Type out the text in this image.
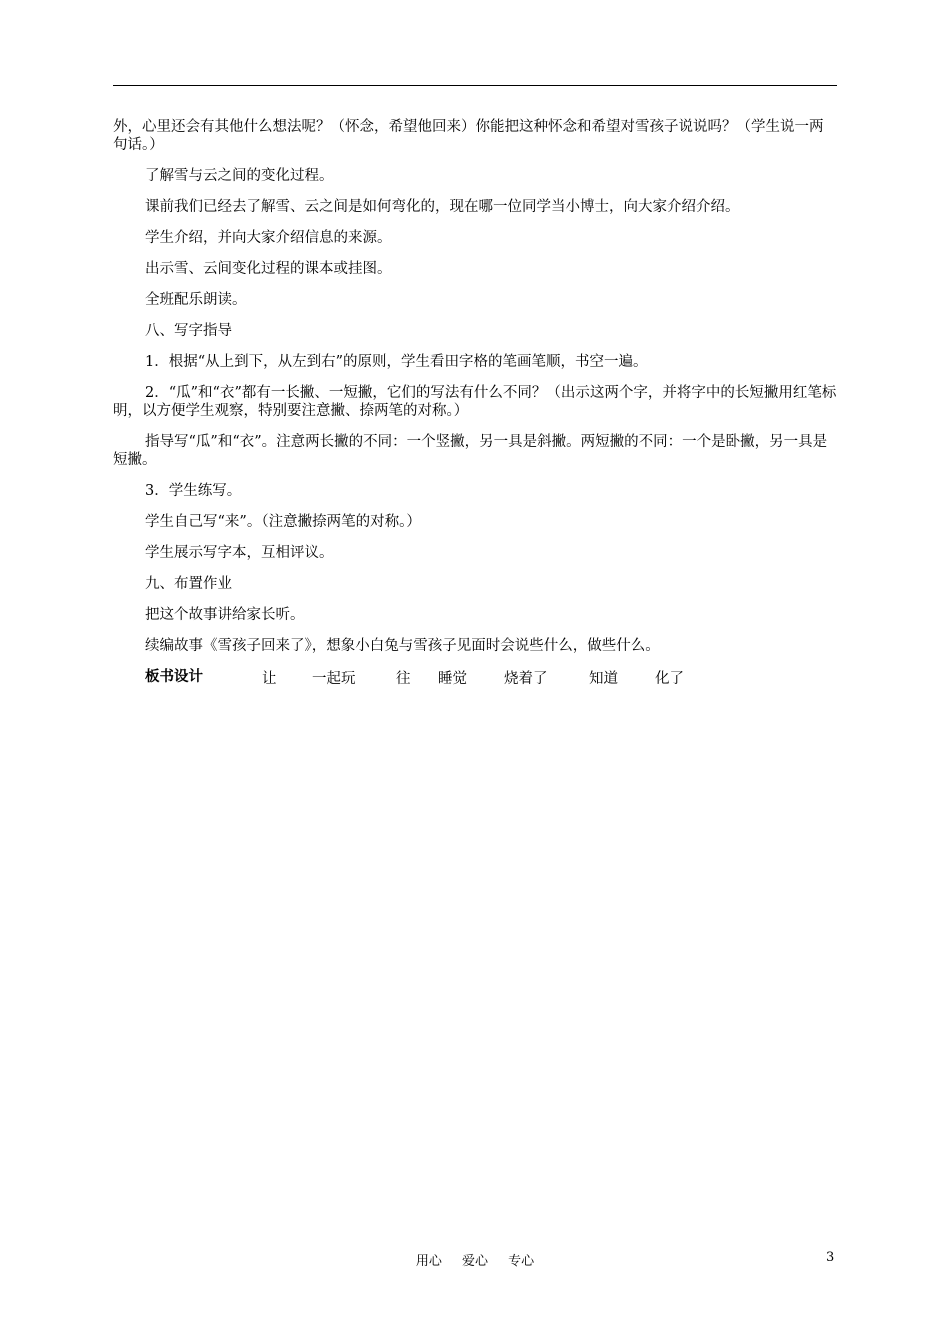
外，心里还会有其他什么想法呢？（怀念，希望他回来）你能把这种怀念和希望对雪孩子说说吗？（学生说一两句话。）

了解雪与云之间的变化过程。

课前我们已经去了解雪、云之间是如何弯化的，现在哪一位同学当小博士，向大家介绍介绍。

学生介绍，并向大家介绍信息的来源。

出示雪、云间变化过程的课本或挂图。

全班配乐朗读。

八、写字指导

1．根据“从上到下，从左到右”的原则，学生看田字格的笔画笔顺，书空一遍。

2．“瓜”和“衣”都有一长撇、一短撇，它们的写法有什么不同？（出示这两个字，并将字中的长短撇用红笔标明，以方便学生观察，特别要注意撇、捺两笔的对称。）

指导写“瓜”和“衣”。注意两长撇的不同：一个竖撇，另一具是斜撇。两短撇的不同：一个是卧撇，另一具是短撇。

3．学生练写。

学生自己写“来”。（注意撇捺两笔的对称。）

学生展示写字本，互相评议。

九、布置作业

把这个故事讲给家长听。

续编故事《雪孩子回来了》，想象小白兔与雪孩子见面时会说些什么，做些什么。

板书设计	让 一起玩	往 睡觉	烧着了	知道	化了
用心 爱心 专心	3
